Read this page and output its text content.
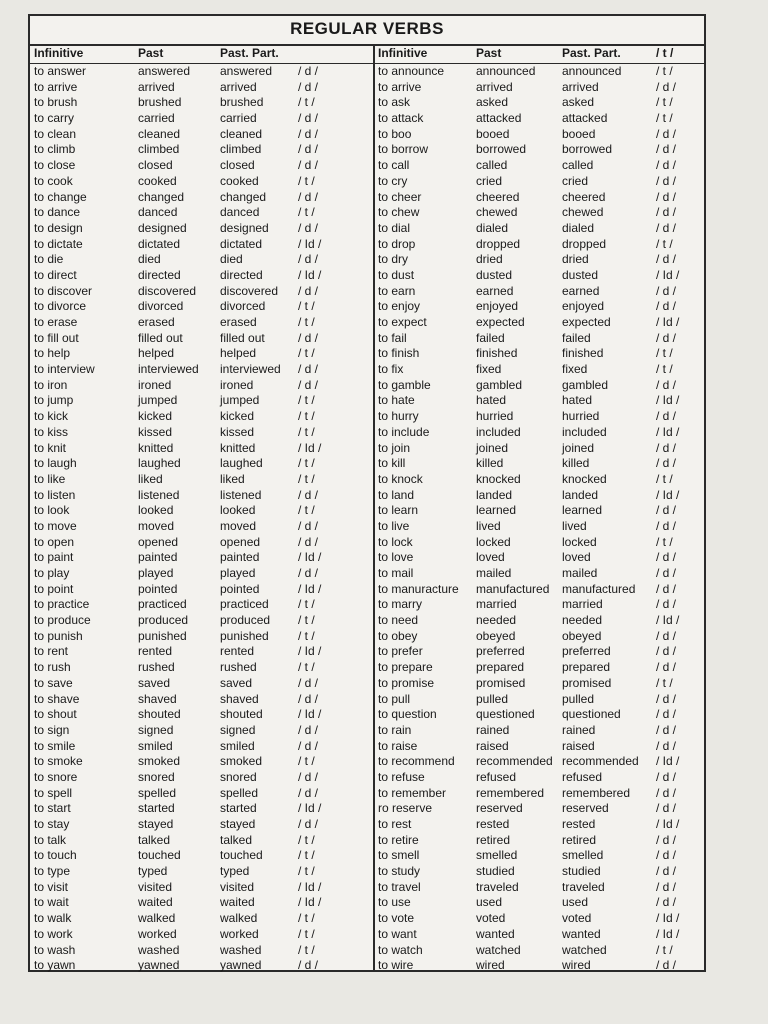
REGULAR VERBS
Infinitive	Past	Past. Part.	Infinitive	Past	Past. Part.	/ t /
to answer	answered answered / d /	to announce	announced announced	/ t /
to arrive	arrived	arrived	/ d /	to arrive	arrived	arrived	/ d /
to brush	brushed	brushed	/ t /	to ask	asked	asked	/ t /
to carry	carried	carried	/ d /	to attack	attacked	attacked	/ t /
to clean	cleaned	cleaned	/ d /	to boo	booed	booed	/ d /
to climb	climbed	climbed	/ d /	to borrow	borrowed	borrowed	/ d /
to close	closed	closed	/ d /	to call	called	called	/ d /
to cook	cooked	cooked	/ t /	to cry	cried	cried	/ d /
to change	changed	changed	/ d /	to cheer	cheered	cheered	/ d /
to dance	danced	danced	/ t /	to chew	chewed	chewed	/ d /
to design	designed	designed / d /	to dial	dialed	dialed	/ d /
to dictate	dictated	dictated	/ Id /	to drop	dropped	dropped	/ t /
to die	died	died	/ d /	to dry	dried	dried	/ d /
to direct	directed	directed	/ Id /	to dust	dusted	dusted	/ Id /
to discover	discovered discovered / d /	to earn	earned	earned	/ d /
to divorce	divorced	divorced	/ t /	to enjoy	enjoyed	enjoyed	/ d /
to erase	erased	erased	/ t /	to expect	expected	expected	/ Id /
to fill out	filled out	filled out	/ d /	to fail	failed	failed	/ d /
to help	helped	helped	/ t /	to finish	finished	finished	/ t /
to interview	interviewed interviewed / d /	to fix	fixed	fixed	/ t /
to iron	ironed	ironed	/ d /	to gamble	gambled	gambled	/ d /
to jump	jumped	jumped	/ t /	to hate	hated	hated	/ Id /
to kick	kicked	kicked	/ t /	to hurry	hurried	hurried	/ d /
to kiss	kissed	kissed	/ t /	to include	included	included	/ Id /
to knit	knitted	knitted	/ Id /	to join	joined	joined	/ d /
to laugh	laughed	laughed	/ t /	to kill	killed	killed	/ d /
to like	liked	liked	/ t /	to knock	knocked	knocked	/ t /
to listen	listened	listened	/ d /	to land	landed	landed	/ Id /
to look	looked	looked	/ t /	to learn	learned	learned	/ d /
to move	moved	moved	/ d /	to live	lived	lived	/ d /
to open	opened	opened	/ d /	to lock	locked	locked	/ t /
to paint	painted	painted	/ Id /	to love	loved	loved	/ d /
to play	played	played	/ d /	to mail	mailed	mailed	/ d /
to point	pointed	pointed	/ Id /	to manuracture manufactured manufactured / d /
to practice	practiced	practiced / t /	to marry	married	married	/ d /
to produce	produced	produced / t /	to need	needed	needed	/ Id /
to punish	punished	punished / t /	to obey	obeyed	obeyed	/ d /
to rent	rented	rented	/ Id /	to prefer	preferred	preferred	/ d /
to rush	rushed	rushed	/ t /	to prepare	prepared	prepared	/ d /
to save	saved	saved	/ d /	to promise	promised	promised	/ t /
to shave	shaved	shaved	/ d /	to pull	pulled	pulled	/ d /
to shout	shouted	shouted	/ Id /	to question	questioned questioned	/ d /
to sign	signed	signed	/ d /	to rain	rained	rained	/ d /
to smile	smiled	smiled	/ d /	to raise	raised	raised	/ d /
to smoke	smoked	smoked	/ t /	to recommend recommended recommended / Id /
to snore	snored	snored	/ d /	to refuse	refused	refused	/ d /
to spell	spelled	spelled	/ d /	to remember remembered remembered / d /
to start	started	started	/ Id /	ro reserve	reserved	reserved	/ d /
to stay	stayed	stayed	/ d /	to rest	rested	rested	/ Id /
to talk	talked	talked	/ t /	to retire	retired	retired	/ d /
to touch	touched	touched	/ t /	to smell	smelled	smelled	/ d /
to type	typed	typed	/ t /	to study	studied	studied	/ d /
to visit	visited	visited	/ Id /	to travel	traveled	traveled	/ d /
to wait	waited	waited	/ Id /	to use	used	used	/ d /
to walk	walked	walked	/ t /	to vote	voted	voted	/ Id /
to work	worked	worked	/ t /	to want	wanted	wanted	/ Id /
to wash	washed	washed	/ t /	to watch	watched	watched	/ t /
to yawn	yawned	yawned	/ d /	to wire	wired	wired	/ d /
